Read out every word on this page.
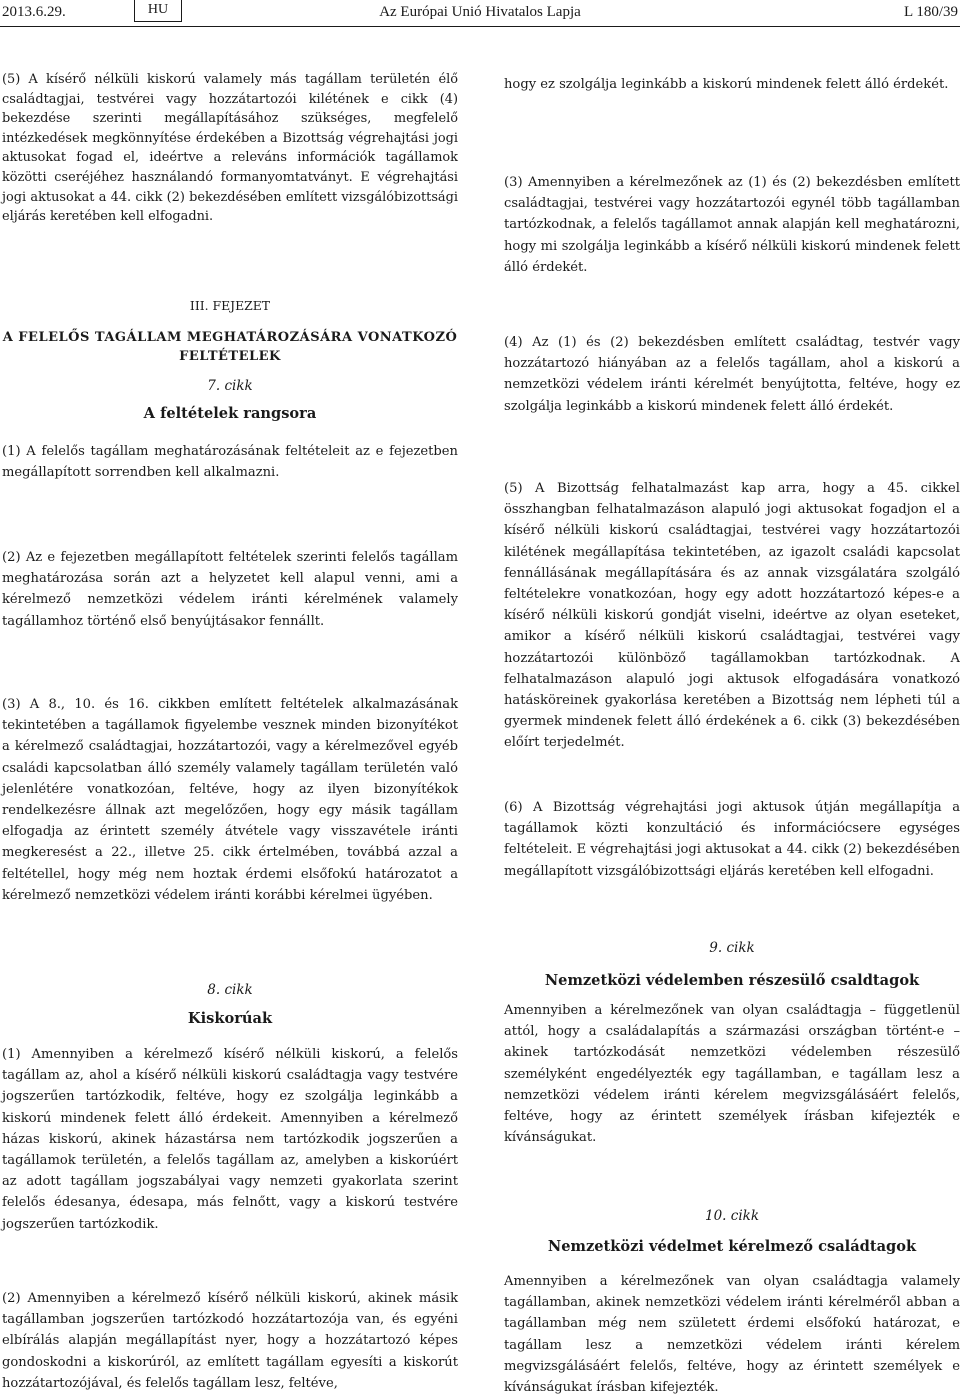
2013.6.29.	HU	Az Európai Unió Hivatalos Lapja	L 180/39

(5) A kísérő nélküli kiskorú valamely más tagállam területén élő családtagjai, testvérei vagy hozzátartozói kilétének e cikk (4) bekezdése szerinti megállapításához szükséges, megfelelő intézkedések megkönnyítése érdekében a Bizottság végrehajtási jogi aktusokat fogad el, ideértve a releváns információk tagállamok közötti cseréjéhez használandó formanyomtatványt. E végrehajtási jogi aktusokat a 44. cikk (2) bekezdésében említett vizsgálóbizottsági eljárás keretében kell elfogadni.

III. FEJEZET

A FELELŐS TAGÁLLAM MEGHATÁROZÁSÁRA VONATKOZÓ FELTÉTELEK

7. cikk

A feltételek rangsora

(1) A felelős tagállam meghatározásának feltételeit az e fejezetben megállapított sorrendben kell alkalmazni.

(2) Az e fejezetben megállapított feltételek szerinti felelős tagállam meghatározása során azt a helyzetet kell alapul venni, ami a kérelmező nemzetközi védelem iránti kérelmének valamely tagállamhoz történő első benyújtásakor fennállt.

(3) A 8., 10. és 16. cikkben említett feltételek alkalmazásának tekintetében a tagállamok figyelembe vesznek minden bizonyítékot a kérelmező családtagjai, hozzátartozói, vagy a kérelmezővel egyéb családi kapcsolatban álló személy valamely tagállam területén való jelenlétére vonatkozóan, feltéve, hogy az ilyen bizonyítékok rendelkezésre állnak azt megelőzően, hogy egy másik tagállam elfogadja az érintett személy átvétele vagy visszavétele iránti megkeresést a 22., illetve 25. cikk értelmében, továbbá azzal a feltétellel, hogy még nem hoztak érdemi elsőfokú határozatot a kérelmező nemzetközi védelem iránti korábbi kérelmei ügyében.

8. cikk

Kiskorúak

(1) Amennyiben a kérelmező kísérő nélküli kiskorú, a felelős tagállam az, ahol a kísérő nélküli kiskorú családtagja vagy testvére jogszerűen tartózkodik, feltéve, hogy ez szolgálja leginkább a kiskorú mindenek felett álló érdekeit. Amennyiben a kérelmező házas kiskorú, akinek házastársa nem tartózkodik jogszerűen a tagállamok területén, a felelős tagállam az, amelyben a kiskorúért az adott tagállam jogszabályai vagy nemzeti gyakorlata szerint felelős édesanya, édesapa, más felnőtt, vagy a kiskorú testvére jogszerűen tartózkodik.

(2) Amennyiben a kérelmező kísérő nélküli kiskorú, akinek másik tagállamban jogszerűen tartózkodó hozzátartozója van, és egyéni elbírálás alapján megállapítást nyer, hogy a hozzátartozó képes gondoskodni a kiskorúról, az említett tagállam egyesíti a kiskorút hozzátartozójával, és felelős tagállam lesz, feltéve,

hogy ez szolgálja leginkább a kiskorú mindenek felett álló érdekét.

(3) Amennyiben a kérelmezőnek az (1) és (2) bekezdésben említett családtagjai, testvérei vagy hozzátartozói egynél több tagállamban tartózkodnak, a felelős tagállamot annak alapján kell meghatározni, hogy mi szolgálja leginkább a kísérő nélküli kiskorú mindenek felett álló érdekét.

(4) Az (1) és (2) bekezdésben említett családtag, testvér vagy hozzátartozó hiányában az a felelős tagállam, ahol a kiskorú a nemzetközi védelem iránti kérelmét benyújtotta, feltéve, hogy ez szolgálja leginkább a kiskorú mindenek felett álló érdekét.

(5) A Bizottság felhatalmazást kap arra, hogy a 45. cikkel összhangban felhatalmazáson alapuló jogi aktusokat fogadjon el a kísérő nélküli kiskorú családtagjai, testvérei vagy hozzátartozói kilétének megállapítása tekintetében, az igazolt családi kapcsolat fennállásának megállapítására és az annak vizsgálatára szolgáló feltételekre vonatkozóan, hogy egy adott hozzátartozó képes-e a kísérő nélküli kiskorú gondját viselni, ideértve az olyan eseteket, amikor a kísérő nélküli kiskorú családtagjai, testvérei vagy hozzátartozói különböző tagállamokban tartózkodnak. A felhatalmazáson alapuló jogi aktusok elfogadására vonatkozó hatásköreinek gyakorlása keretében a Bizottság nem lépheti túl a gyermek mindenek felett álló érdekének a 6. cikk (3) bekezdésében előírt terjedelmét.

(6) A Bizottság végrehajtási jogi aktusok útján megállapítja a tagállamok közti konzultáció és információcsere egységes feltételeit. E végrehajtási jogi aktusokat a 44. cikk (2) bekezdésében megállapított vizsgálóbizottsági eljárás keretében kell elfogadni.

9. cikk

Nemzetközi védelemben részesülő csaldtagok

Amennyiben a kérelmezőnek van olyan családtagja – függetlenül attól, hogy a családalapítás a származási országban történt-e – akinek tartózkodását nemzetközi védelemben részesülő személyként engedélyezték egy tagállamban, e tagállam lesz a nemzetközi védelem iránti kérelem megvizsgálásáért felelős, feltéve, hogy az érintett személyek írásban kifejezték e kívánságukat.

10. cikk

Nemzetközi védelmet kérelmező családtagok

Amennyiben a kérelmezőnek van olyan családtagja valamely tagállamban, akinek nemzetközi védelem iránti kérelméről abban a tagállamban még nem született érdemi elsőfokú határozat, e tagállam lesz a nemzetközi védelem iránti kérelem megvizsgálásáért felelős, feltéve, hogy az érintett személyek e kívánságukat írásban kifejezték.
